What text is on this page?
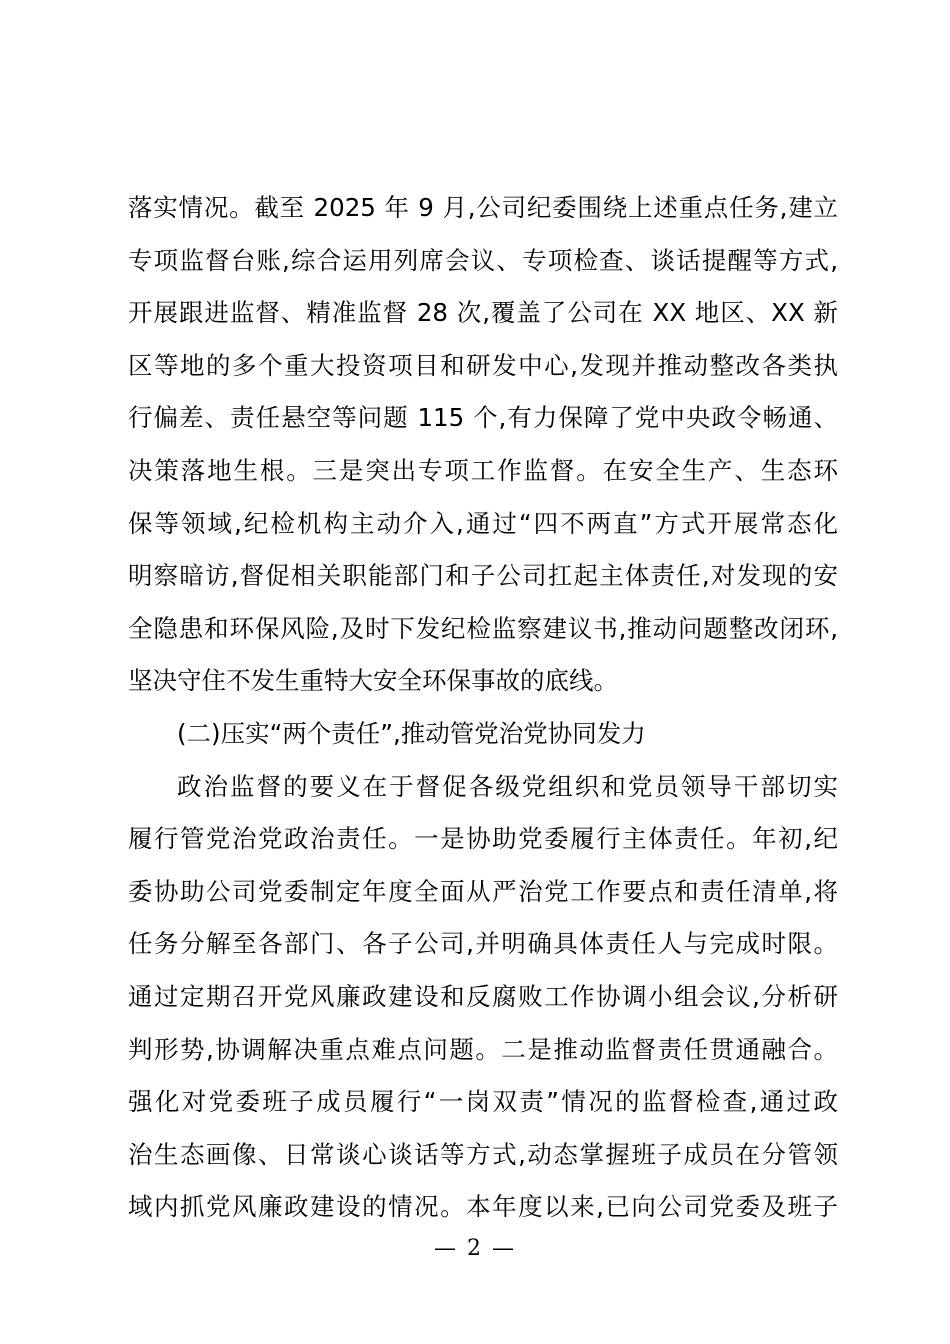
落实情况。截至 2025 年 9 月,公司纪委围绕上述重点任务,建立
专项监督台账,综合运用列席会议、专项检查、谈话提醒等方式,
开展跟进监督、精准监督 28 次,覆盖了公司在 XX 地区、XX 新
区等地的多个重大投资项目和研发中心,发现并推动整改各类执
行偏差、责任悬空等问题 115 个,有力保障了党中央政令畅通、
决策落地生根。三是突出专项工作监督。在安全生产、生态环
保等领域,纪检机构主动介入,通过“四不两直”方式开展常态化
明察暗访,督促相关职能部门和子公司扛起主体责任,对发现的安
全隐患和环保风险,及时下发纪检监察建议书,推动问题整改闭环,
坚决守住不发生重特大安全环保事故的底线。
(二)压实“两个责任”,推动管党治党协同发力
政治监督的要义在于督促各级党组织和党员领导干部切实
履行管党治党政治责任。一是协助党委履行主体责任。年初,纪
委协助公司党委制定年度全面从严治党工作要点和责任清单,将
任务分解至各部门、各子公司,并明确具体责任人与完成时限。
通过定期召开党风廉政建设和反腐败工作协调小组会议,分析研
判形势,协调解决重点难点问题。二是推动监督责任贯通融合。
强化对党委班子成员履行“一岗双责”情况的监督检查,通过政
治生态画像、日常谈心谈话等方式,动态掌握班子成员在分管领
域内抓党风廉政建设的情况。本年度以来,已向公司党委及班子
— 2 —
